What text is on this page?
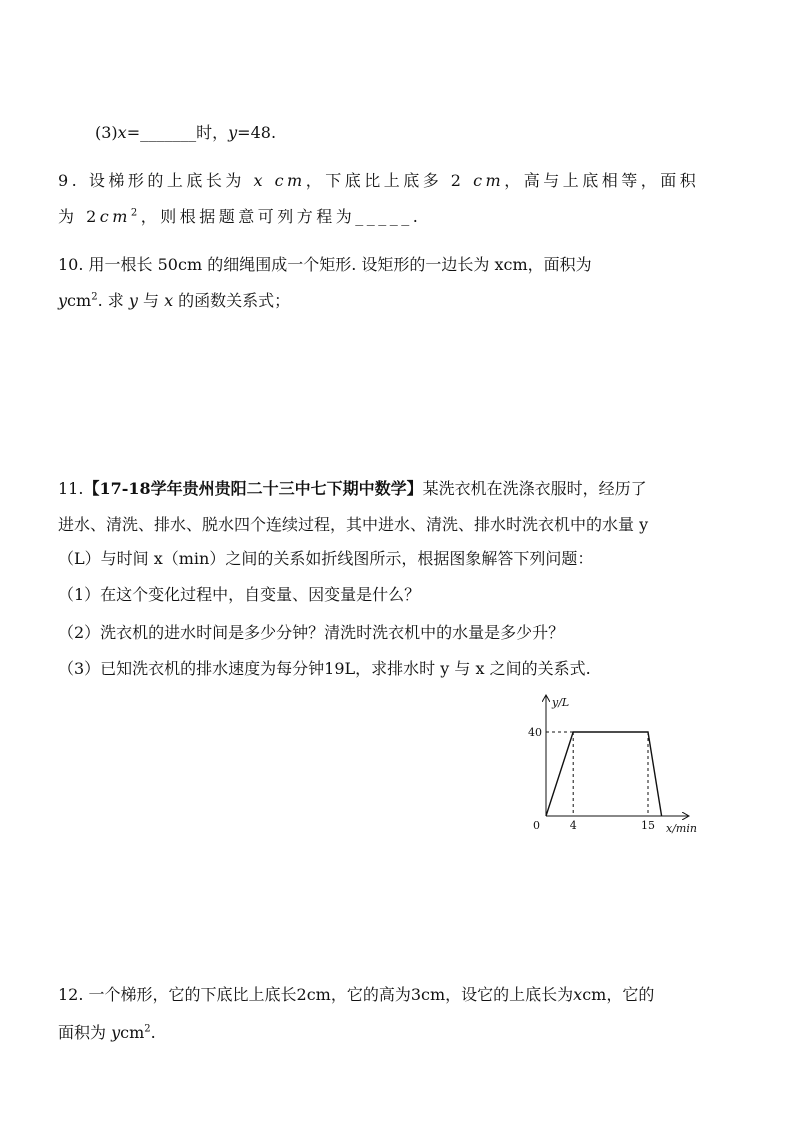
(3)x=_______时，y=48.
9. 设梯形的上底长为 x cm，下底比上底多 2 cm，高与上底相等，面积
为 $2cm^2$，则根据题意可列方程为_____.
10. 用一根长 50cm 的细绳围成一个矩形. 设矩形的一边长为 xcm，面积为
ycm$^2$. 求 y 与 x 的函数关系式；
11.【17-18学年贵州贵阳二十三中七下期中数学】某洗衣机在洗涤衣服时，经历了
进水、清洗、排水、脱水四个连续过程，其中进水、清洗、排水时洗衣机中的水量 y
（L）与时间 x（min）之间的关系如折线图所示，根据图象解答下列问题：
（1）在这个变化过程中，自变量、因变量是什么？
（2）洗衣机的进水时间是多少分钟？清洗时洗衣机中的水量是多少升？
（3）已知洗衣机的排水速度为每分钟19L，求排水时 y 与 x 之间的关系式.
y/L
x/min
0	4	15
40
12. 一个梯形，它的下底比上底长2cm，它的高为3cm，设它的上底长为xcm，它的
面积为 ycm$^2$.
